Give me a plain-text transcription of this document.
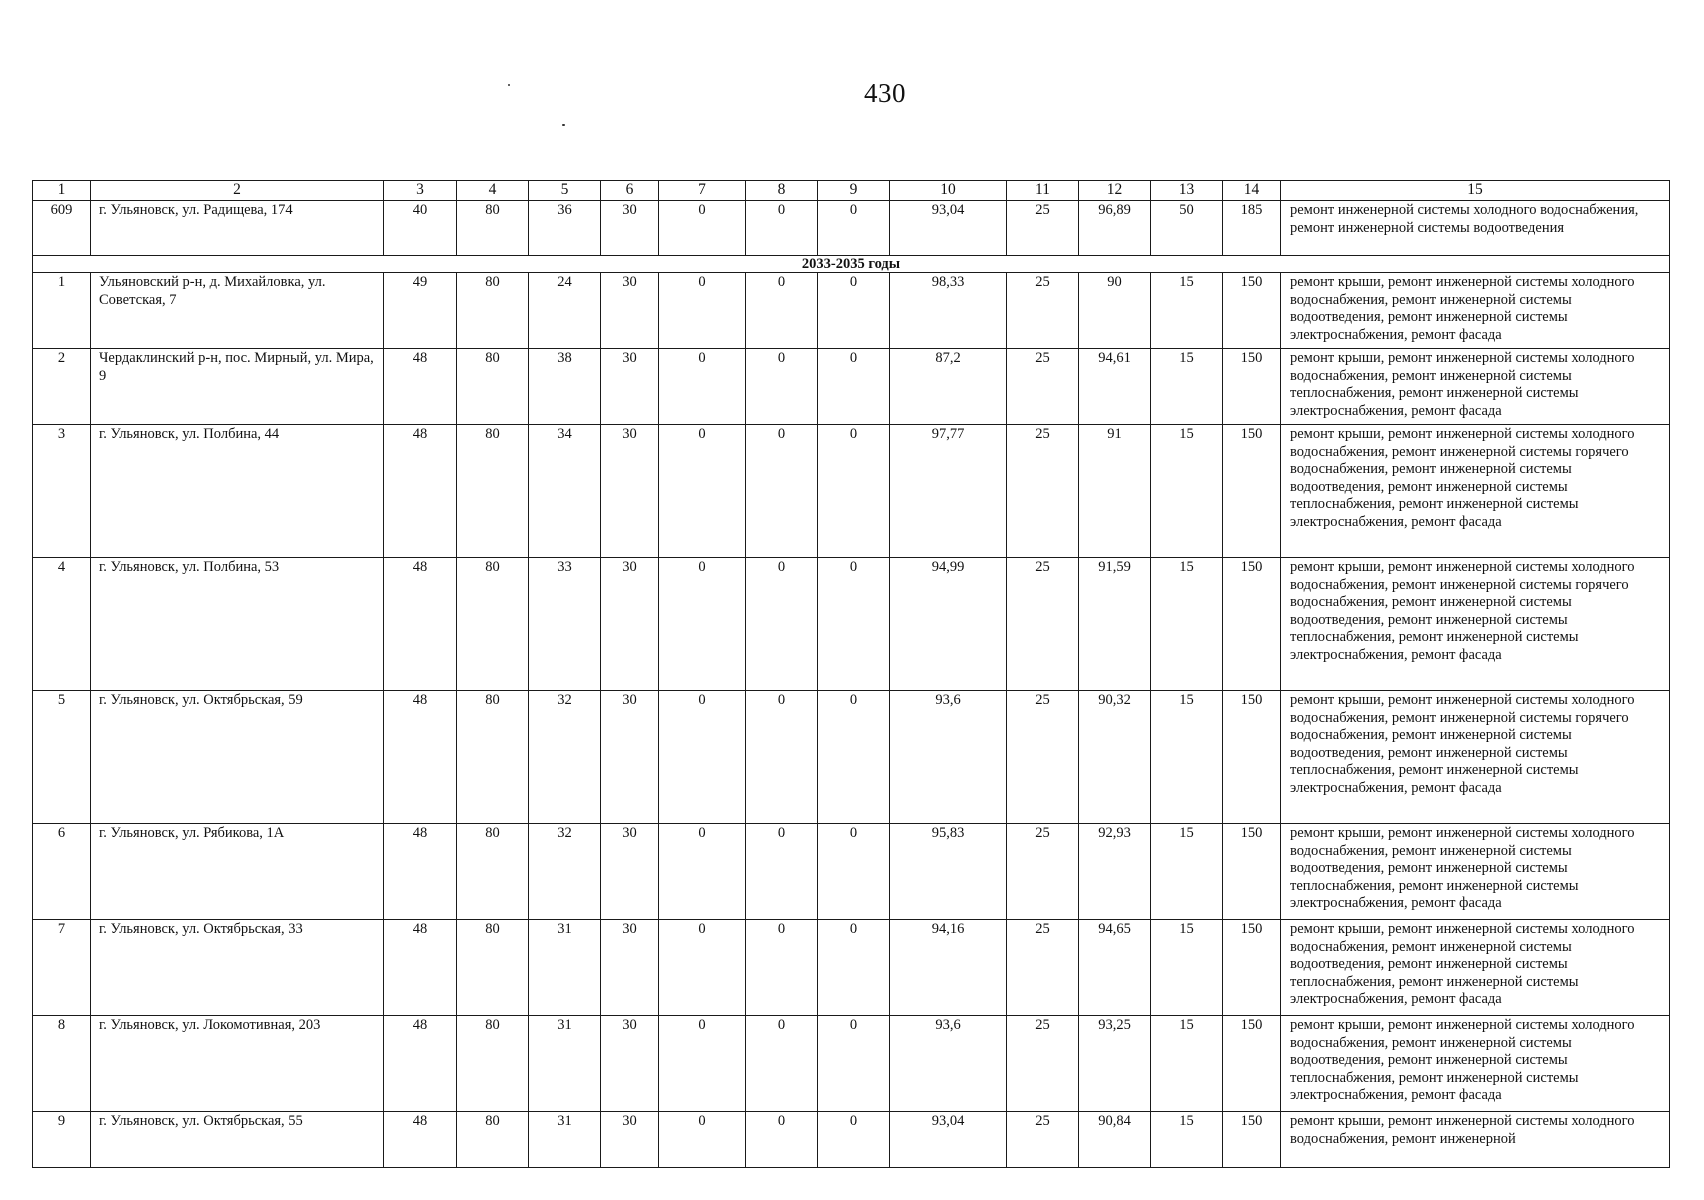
430
1	2	3	4	5	6	7	8	9	10	11	12	13	14	15
609	г. Ульяновск, ул. Радищева, 174	40	80	36	30	0	0	0	93,04	25	96,89	50	185	ремонт инженерной системы холодного водоснабжения, ремонт инженерной системы водоотведения
2033-2035 годы														
1	Ульяновский р-н, д. Михайловка, ул. Советская, 7	49	80	24	30	0	0	0	98,33	25	90	15	150	ремонт крыши, ремонт инженерной системы холодного водоснабжения, ремонт инженерной системы водоотведения, ремонт инженерной системы электроснабжения, ремонт фасада
2	Чердаклинский р-н, пос. Мирный, ул. Мира, 9	48	80	38	30	0	0	0	87,2	25	94,61	15	150	ремонт крыши, ремонт инженерной системы холодного водоснабжения, ремонт инженерной системы теплоснабжения, ремонт инженерной системы электроснабжения, ремонт фасада
3	г. Ульяновск, ул. Полбина, 44	48	80	34	30	0	0	0	97,77	25	91	15	150	ремонт крыши, ремонт инженерной системы холодного водоснабжения, ремонт инженерной системы горячего водоснабжения, ремонт инженерной системы водоотведения, ремонт инженерной системы теплоснабжения, ремонт инженерной системы электроснабжения, ремонт фасада
4	г. Ульяновск, ул. Полбина, 53	48	80	33	30	0	0	0	94,99	25	91,59	15	150	ремонт крыши, ремонт инженерной системы холодного водоснабжения, ремонт инженерной системы горячего водоснабжения, ремонт инженерной системы водоотведения, ремонт инженерной системы теплоснабжения, ремонт инженерной системы электроснабжения, ремонт фасада
5	г. Ульяновск, ул. Октябрьская, 59	48	80	32	30	0	0	0	93,6	25	90,32	15	150	ремонт крыши, ремонт инженерной системы холодного водоснабжения, ремонт инженерной системы горячего водоснабжения, ремонт инженерной системы водоотведения, ремонт инженерной системы теплоснабжения, ремонт инженерной системы электроснабжения, ремонт фасада
6	г. Ульяновск, ул. Рябикова, 1А	48	80	32	30	0	0	0	95,83	25	92,93	15	150	ремонт крыши, ремонт инженерной системы холодного водоснабжения, ремонт инженерной системы водоотведения, ремонт инженерной системы теплоснабжения, ремонт инженерной системы электроснабжения, ремонт фасада
7	г. Ульяновск, ул. Октябрьская, 33	48	80	31	30	0	0	0	94,16	25	94,65	15	150	ремонт крыши, ремонт инженерной системы холодного водоснабжения, ремонт инженерной системы водоотведения, ремонт инженерной системы теплоснабжения, ремонт инженерной системы электроснабжения, ремонт фасада
8	г. Ульяновск, ул. Локомотивная, 203	48	80	31	30	0	0	0	93,6	25	93,25	15	150	ремонт крыши, ремонт инженерной системы холодного водоснабжения, ремонт инженерной системы водоотведения, ремонт инженерной системы теплоснабжения, ремонт инженерной системы электроснабжения, ремонт фасада
9	г. Ульяновск, ул. Октябрьская, 55	48	80	31	30	0	0	0	93,04	25	90,84	15	150	ремонт крыши, ремонт инженерной системы холодного водоснабжения, ремонт инженерной
